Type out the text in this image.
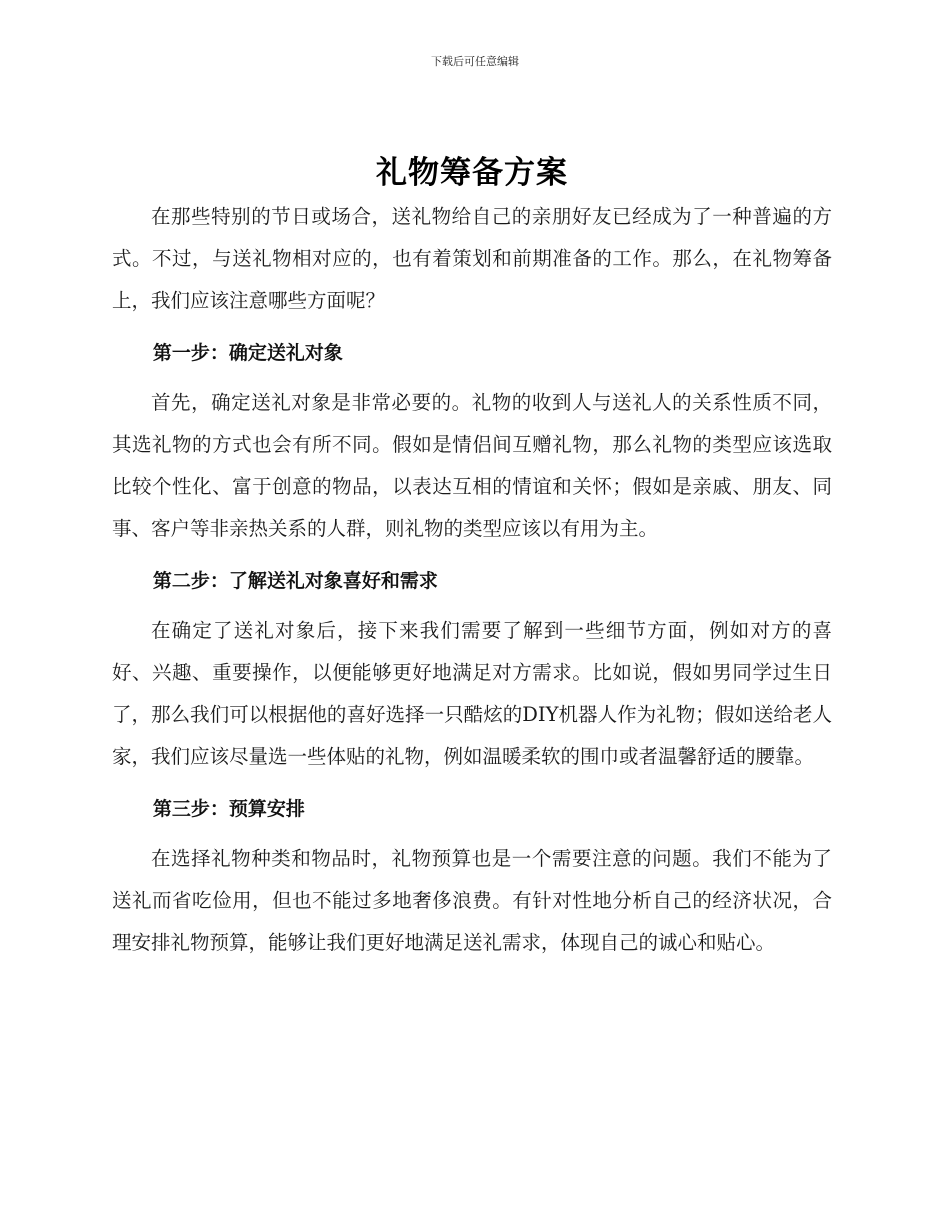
下载后可任意编辑
礼物筹备方案

在那些特别的节日或场合，送礼物给自己的亲朋好友已经成为了一种普遍的方式。不过，与送礼物相对应的，也有着策划和前期准备的工作。那么，在礼物筹备上，我们应该注意哪些方面呢？

第一步：确定送礼对象

首先，确定送礼对象是非常必要的。礼物的收到人与送礼人的关系性质不同，其选礼物的方式也会有所不同。假如是情侣间互赠礼物，那么礼物的类型应该选取比较个性化、富于创意的物品，以表达互相的情谊和关怀；假如是亲戚、朋友、同事、客户等非亲热关系的人群，则礼物的类型应该以有用为主。

第二步：了解送礼对象喜好和需求

在确定了送礼对象后，接下来我们需要了解到一些细节方面，例如对方的喜好、兴趣、重要操作，以便能够更好地满足对方需求。比如说，假如男同学过生日了，那么我们可以根据他的喜好选择一只酷炫的DIY机器人作为礼物；假如送给老人家，我们应该尽量选一些体贴的礼物，例如温暖柔软的围巾或者温馨舒适的腰靠。

第三步：预算安排

在选择礼物种类和物品时，礼物预算也是一个需要注意的问题。我们不能为了送礼而省吃俭用，但也不能过多地奢侈浪费。有针对性地分析自己的经济状况，合理安排礼物预算，能够让我们更好地满足送礼需求，体现自己的诚心和贴心。
